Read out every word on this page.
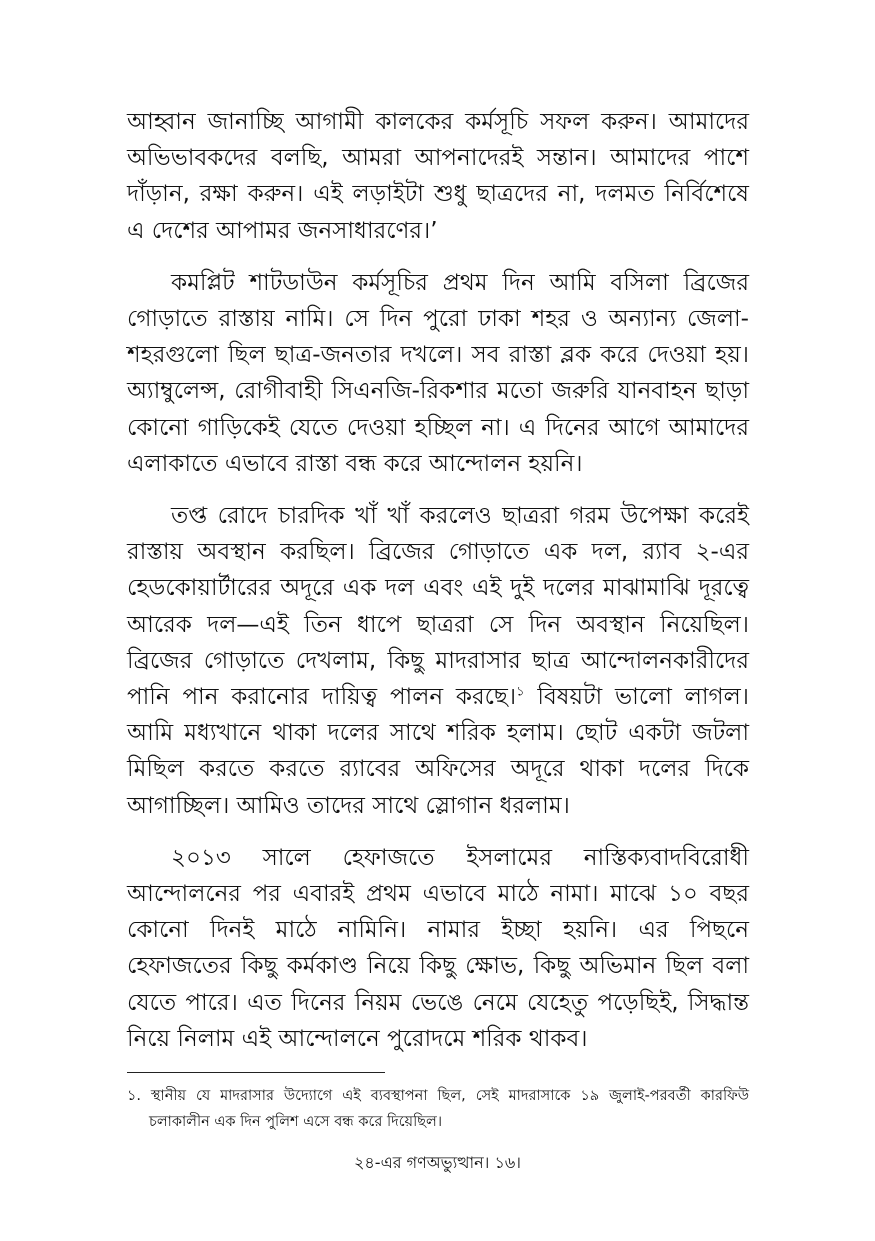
আহ্বান জানাচ্ছি আগামী কালকের কর্মসূচি সফল করুন। আমাদের অভিভাবকদের বলছি, আমরা আপনাদেরই সন্তান। আমাদের পাশে দাঁড়ান, রক্ষা করুন। এই লড়াইটা শুধু ছাত্রদের না, দলমত নির্বিশেষে এ দেশের আপামর জনসাধারণের।’

কমপ্লিট শাটডাউন কর্মসূচির প্রথম দিন আমি বসিলা ব্রিজের গোড়াতে রাস্তায় নামি। সে দিন পুরো ঢাকা শহর ও অন্যান্য জেলা-শহরগুলো ছিল ছাত্র-জনতার দখলে। সব রাস্তা ব্লক করে দেওয়া হয়। অ্যাম্বুলেন্স, রোগীবাহী সিএনজি-রিকশার মতো জরুরি যানবাহন ছাড়া কোনো গাড়িকেই যেতে দেওয়া হচ্ছিল না। এ দিনের আগে আমাদের এলাকাতে এভাবে রাস্তা বন্ধ করে আন্দোলন হয়নি।

তপ্ত রোদে চারদিক খাঁ খাঁ করলেও ছাত্ররা গরম উপেক্ষা করেই রাস্তায় অবস্থান করছিল। ব্রিজের গোড়াতে এক দল, র‍্যাব ২-এর হেডকোয়ার্টারের অদূরে এক দল এবং এই দুই দলের মাঝামাঝি দূরত্বে আরেক দল—এই তিন ধাপে ছাত্ররা সে দিন অবস্থান নিয়েছিল। ব্রিজের গোড়াতে দেখলাম, কিছু মাদরাসার ছাত্র আন্দোলনকারীদের পানি পান করানোর দায়িত্ব পালন করছে।$^১$ বিষয়টা ভালো লাগল। আমি মধ্যখানে থাকা দলের সাথে শরিক হলাম। ছোট একটা জটলা মিছিল করতে করতে র‍্যাবের অফিসের অদূরে থাকা দলের দিকে আগাচ্ছিল। আমিও তাদের সাথে স্লোগান ধরলাম।

২০১৩ সালে হেফাজতে ইসলামের নাস্তিক্যবাদবিরোধী আন্দোলনের পর এবারই প্রথম এভাবে মাঠে নামা। মাঝে ১০ বছর কোনো দিনই মাঠে নামিনি। নামার ইচ্ছা হয়নি। এর পিছনে হেফাজতের কিছু কর্মকাণ্ড নিয়ে কিছু ক্ষোভ, কিছু অভিমান ছিল বলা যেতে পারে। এত দিনের নিয়ম ভেঙে নেমে যেহেতু পড়েছিই, সিদ্ধান্ত নিয়ে নিলাম এই আন্দোলনে পুরোদমে শরিক থাকব।

১. স্থানীয় যে মাদরাসার উদ্যোগে এই ব্যবস্থাপনা ছিল, সেই মাদরাসাকে ১৯ জুলাই-পরবর্তী কারফিউ চলাকালীন এক দিন পুলিশ এসে বন্ধ করে দিয়েছিল।
২৪-এর গণঅভ্যুত্থান। ১৬।
